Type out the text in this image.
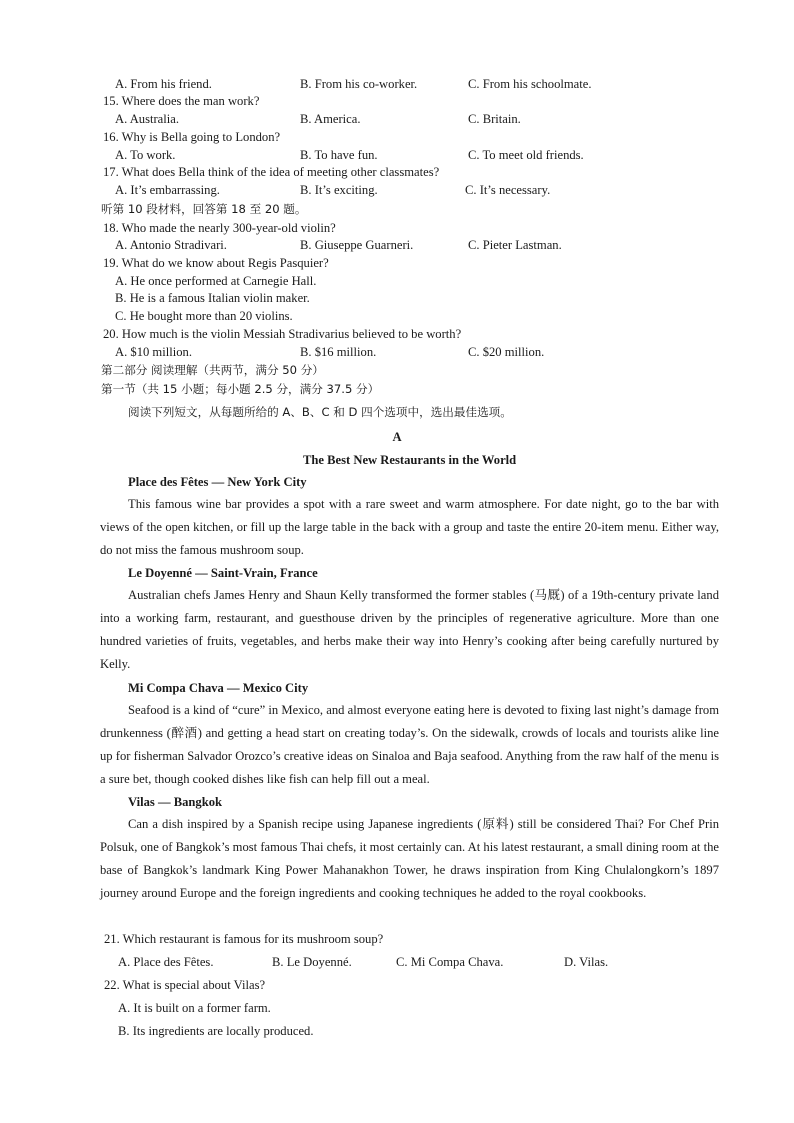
A. From his friend.	B. From his co-worker.	C. From his schoolmate.
15. Where does the man work?
A. Australia.	B. America.	C. Britain.
16. Why is Bella going to London?
A. To work.	B. To have fun.	C. To meet old friends.
17. What does Bella think of the idea of meeting other classmates?
A. It’s embarrassing.	B. It’s exciting.	C. It’s necessary.
听第 10 段材料，回答第 18 至 20 题。
18. Who made the nearly 300-year-old violin?
A. Antonio Stradivari.	B. Giuseppe Guarneri.	C. Pieter Lastman.
19. What do we know about Regis Pasquier?
A. He once performed at Carnegie Hall.
B. He is a famous Italian violin maker.
C. He bought more than 20 violins.
20. How much is the violin Messiah Stradivarius believed to be worth?
A. $10 million.	B. $16 million.	C. $20 million.
第二部分 阅读理解（共两节，满分 50 分）
第一节（共 15 小题；每小题 2.5 分，满分 37.5 分）
阅读下列短文，从每题所给的 A、B、C 和 D 四个选项中，选出最佳选项。
A
The Best New Restaurants in the World
Place des Fêtes — New York City
This famous wine bar provides a spot with a rare sweet and warm atmosphere. For date night, go to the bar with views of the open kitchen, or fill up the large table in the back with a group and taste the entire 20-item menu. Either way, do not miss the famous mushroom soup.
Le Doyenné — Saint-Vrain, France
Australian chefs James Henry and Shaun Kelly transformed the former stables (马厩) of a 19th-century private land into a working farm, restaurant, and guesthouse driven by the principles of regenerative agriculture. More than one hundred varieties of fruits, vegetables, and herbs make their way into Henry’s cooking after being carefully nurtured by Kelly.
Mi Compa Chava — Mexico City
Seafood is a kind of “cure” in Mexico, and almost everyone eating here is devoted to fixing last night’s damage from drunkenness (醉酒) and getting a head start on creating today’s. On the sidewalk, crowds of locals and tourists alike line up for fisherman Salvador Orozco’s creative ideas on Sinaloa and Baja seafood. Anything from the raw half of the menu is a sure bet, though cooked dishes like fish can help fill out a meal.
Vilas — Bangkok
Can a dish inspired by a Spanish recipe using Japanese ingredients (原料) still be considered Thai? For Chef Prin Polsuk, one of Bangkok’s most famous Thai chefs, it most certainly can. At his latest restaurant, a small dining room at the base of Bangkok’s landmark King Power Mahanakhon Tower, he draws inspiration from King Chulalongkorn’s 1897 journey around Europe and the foreign ingredients and cooking techniques he added to the royal cookbooks.
21. Which restaurant is famous for its mushroom soup?
A. Place des Fêtes.	B. Le Doyenné.	C. Mi Compa Chava.	D. Vilas.
22. What is special about Vilas?
A. It is built on a former farm.
B. Its ingredients are locally produced.
